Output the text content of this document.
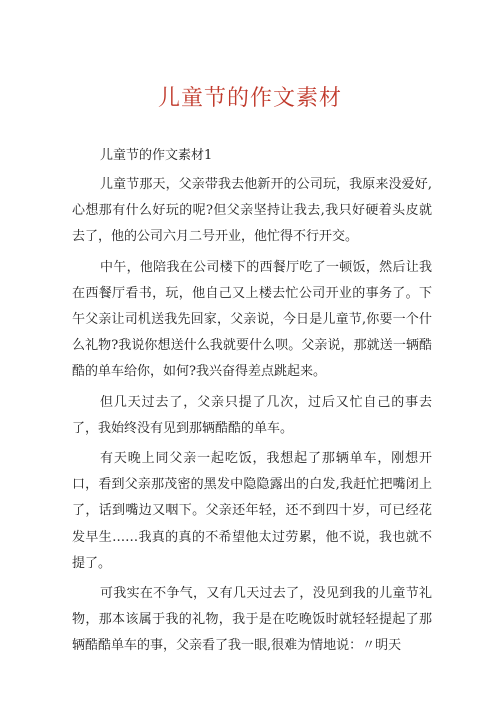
儿童节的作文素材
儿童节的作文素材1

儿童节那天，父亲带我去他新开的公司玩，我原来没爱好,心想那有什么好玩的呢?但父亲坚持让我去,我只好硬着头皮就去了，他的公司六月二号开业，他忙得不行开交。

中午，他陪我在公司楼下的西餐厅吃了一顿饭，然后让我在西餐厅看书，玩，他自己又上楼去忙公司开业的事务了。下午父亲让司机送我先回家，父亲说，今日是儿童节,你要一个什么礼物?我说你想送什么我就要什么呗。父亲说，那就送一辆酷酷的单车给你，如何?我兴奋得差点跳起来。

但几天过去了，父亲只提了几次，过后又忙自己的事去了，我始终没有见到那辆酷酷的单车。

有天晚上同父亲一起吃饭，我想起了那辆单车，刚想开口，看到父亲那茂密的黑发中隐隐露出的白发,我赶忙把嘴闭上了，话到嘴边又咽下。父亲还年轻，还不到四十岁，可已经花发早生……我真的真的不希望他太过劳累，他不说，我也就不提了。

可我实在不争气，又有几天过去了，没见到我的儿童节礼物，那本该属于我的礼物，我于是在吃晚饭时就轻轻提起了那辆酷酷单车的事，父亲看了我一眼,很难为情地说：〃明天
